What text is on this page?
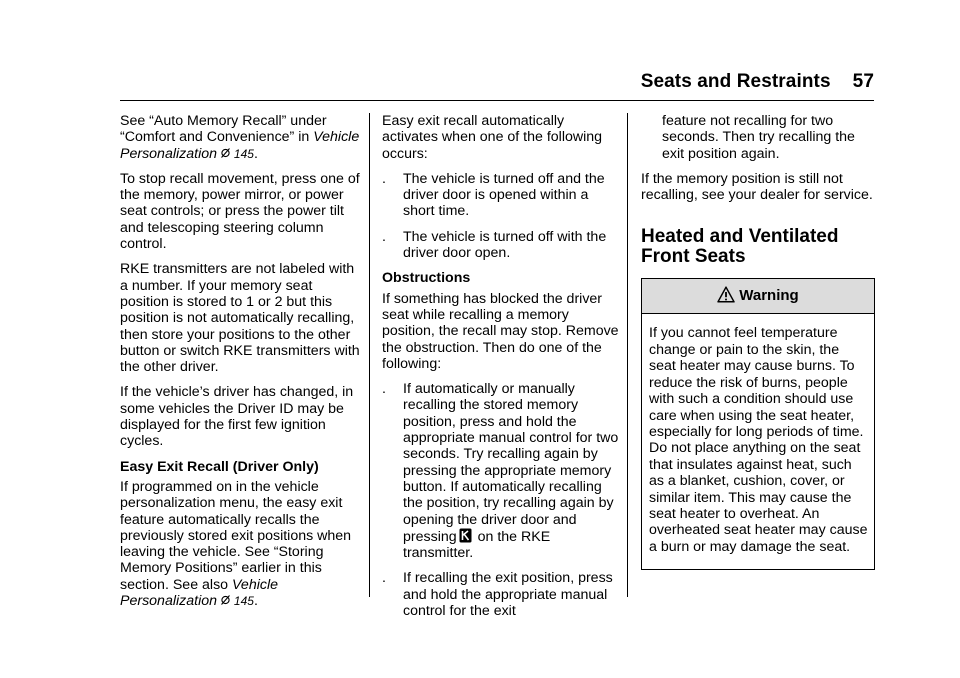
Seats and Restraints 57

See “Auto Memory Recall” under “Comfort and Convenience” in Vehicle Personalization 145.

To stop recall movement, press one of the memory, power mirror, or power seat controls; or press the power tilt and telescoping steering column control.

RKE transmitters are not labeled with a number. If your memory seat position is stored to 1 or 2 but this position is not automatically recalling, then store your positions to the other button or switch RKE transmitters with the other driver.

If the vehicle’s driver has changed, in some vehicles the Driver ID may be displayed for the first few ignition cycles.

Easy Exit Recall (Driver Only)

If programmed on in the vehicle personalization menu, the easy exit feature automatically recalls the previously stored exit positions when leaving the vehicle. See “Storing Memory Positions” earlier in this section. See also Vehicle Personalization 145.

Easy exit recall automatically activates when one of the following occurs:

. The vehicle is turned off and the driver door is opened within a short time.
. The vehicle is turned off with the driver door open.

Obstructions

If something has blocked the driver seat while recalling a memory position, the recall may stop. Remove the obstruction. Then do one of the following:

. If automatically or manually recalling the stored memory position, press and hold the appropriate manual control for two seconds. Try recalling again by pressing the appropriate memory button. If automatically recalling the position, try recalling again by opening the driver door and pressing on the RKE transmitter.
. If recalling the exit position, press and hold the appropriate manual control for the exit

feature not recalling for two seconds. Then try recalling the exit position again.

If the memory position is still not recalling, see your dealer for service.

Heated and Ventilated Front Seats
Warning
If you cannot feel temperature change or pain to the skin, the seat heater may cause burns. To reduce the risk of burns, people with such a condition should use care when using the seat heater, especially for long periods of time. Do not place anything on the seat that insulates against heat, such as a blanket, cushion, cover, or similar item. This may cause the seat heater to overheat. An overheated seat heater may cause a burn or may damage the seat.
